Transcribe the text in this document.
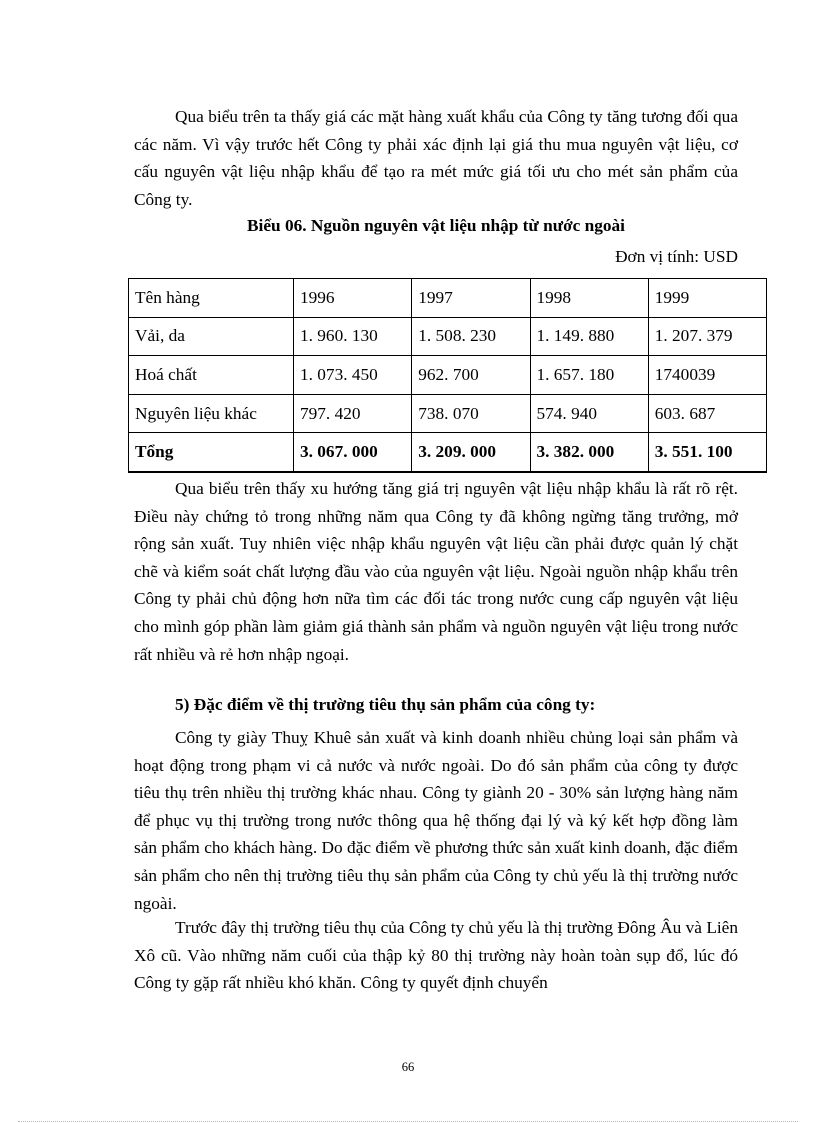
Qua biểu trên ta thấy giá các mặt hàng xuất khẩu của Công ty tăng tương đối qua các năm. Vì vậy trước hết Công ty phải xác định lại giá thu mua nguyên vật liệu, cơ cấu nguyên vật liệu nhập khẩu để tạo ra mét mức giá tối ưu cho mét sản phẩm của Công ty.

Biểu 06. Nguồn nguyên vật liệu nhập từ nước ngoài

Đơn vị tính: USD

Tên hàng	1996	1997	1998	1999
Vải, da	1. 960. 130	1. 508. 230	1. 149. 880	1. 207. 379
Hoá chất	1. 073. 450	962. 700	1. 657. 180	1740039
Nguyên liệu khác	797. 420	738. 070	574. 940	603. 687
Tổng	3. 067. 000	3. 209. 000	3. 382. 000	3. 551. 100

Qua biểu trên thấy xu hướng tăng giá trị nguyên vật liệu nhập khẩu là rất rõ rệt. Điều này chứng tỏ trong những năm qua Công ty đã không ngừng tăng trưởng, mở rộng sản xuất. Tuy nhiên việc nhập khẩu nguyên vật liệu cần phải được quản lý chặt chẽ và kiểm soát chất lượng đầu vào của nguyên vật liệu. Ngoài nguồn nhập khẩu trên Công ty phải chủ động hơn nữa tìm các đối tác trong nước cung cấp nguyên vật liệu cho mình góp phần làm giảm giá thành sản phẩm và nguồn nguyên vật liệu trong nước rất nhiều và rẻ hơn nhập ngoại.

5) Đặc điểm về thị trường tiêu thụ sản phẩm của công ty:

Công ty giày Thuỵ Khuê sản xuất và kinh doanh nhiều chủng loại sản phẩm và hoạt động trong phạm vi cả nước và nước ngoài. Do đó sản phẩm của công ty được tiêu thụ trên nhiều thị trường khác nhau. Công ty giành 20 - 30% sản lượng hàng năm để phục vụ thị trường trong nước thông qua hệ thống đại lý và ký kết hợp đồng làm sản phẩm cho khách hàng. Do đặc điểm về phương thức sản xuất kinh doanh, đặc điểm sản phẩm cho nên thị trường tiêu thụ sản phẩm của Công ty chủ yếu là thị trường nước ngoài.

Trước đây thị trường tiêu thụ của Công ty chủ yếu là thị trường Đông Âu và Liên Xô cũ. Vào những năm cuối của thập kỷ 80 thị trường này hoàn toàn sụp đổ, lúc đó Công ty gặp rất nhiều khó khăn. Công ty quyết định chuyển

66
